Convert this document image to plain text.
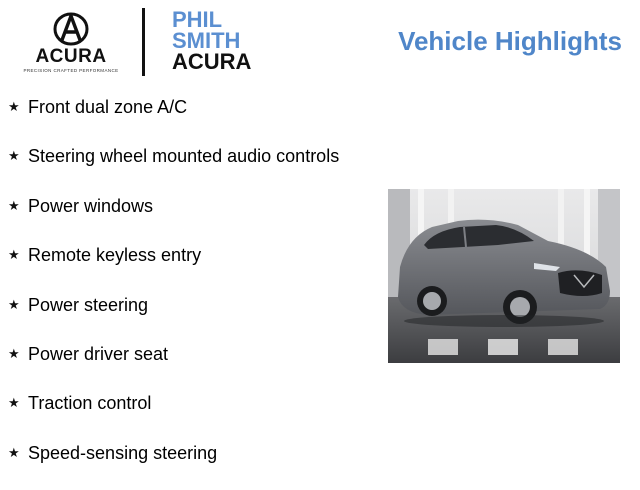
ACURA
PRECISION CRAFTED PERFORMANCE
PHIL
SMITH
ACURA
Vehicle Highlights
★ Front dual zone A/C
★ Steering wheel mounted audio controls
★ Power windows
★ Remote keyless entry
★ Power steering
★ Power driver seat
★ Traction control
★ Speed-sensing steering
